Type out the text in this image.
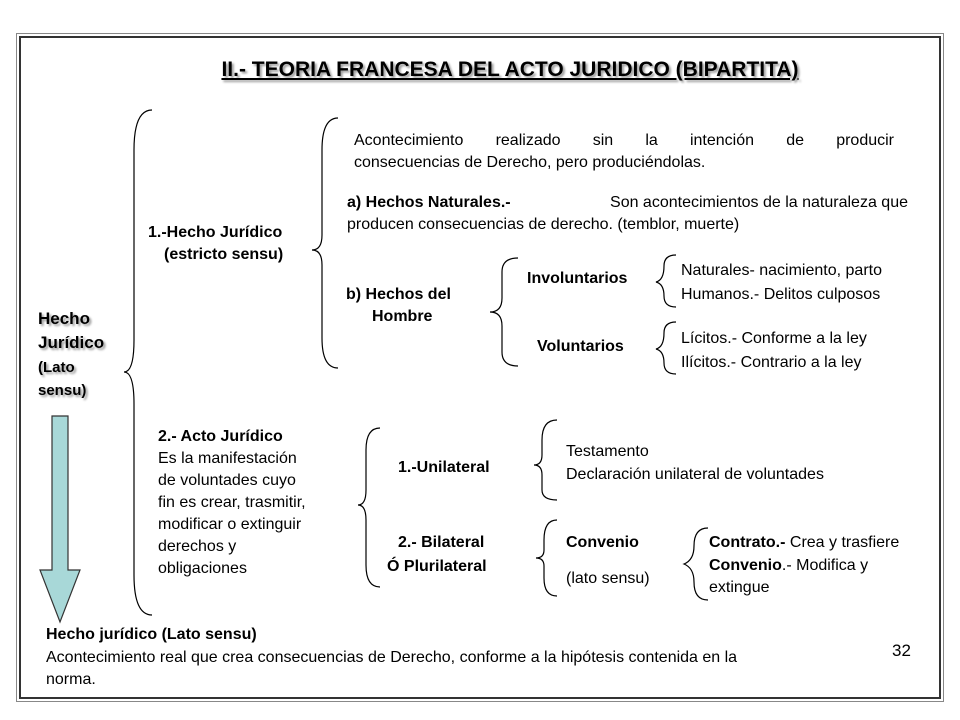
II.- TEORIA FRANCESA DEL ACTO JURIDICO (BIPARTITA)
Hecho
Jurídico
(Lato
sensu)
1.-Hecho Jurídico
(estricto sensu)
Acontecimiento realizado sin la intención de producir
consecuencias de Derecho, pero produciéndolas.
a) Hechos Naturales.-	Son acontecimientos de la naturaleza que
producen consecuencias de derecho. (temblor, muerte)
b) Hechos del
Hombre
Involuntarios	Naturales- nacimiento, parto
Humanos.- Delitos culposos
Voluntarios	Lícitos.- Conforme a la ley
Ilícitos.- Contrario a la ley
2.- Acto Jurídico
Es la manifestación
de voluntades cuyo
fin es crear, trasmitir,
modificar o extinguir
derechos y
obligaciones
1.-Unilateral
Testamento
Declaración unilateral de voluntades
2.- Bilateral
Ó Plurilateral
Convenio
(lato sensu)
Contrato.- Crea y trasfiere
Convenio.- Modifica y
extingue
Hecho jurídico (Lato sensu)
Acontecimiento real que crea consecuencias de Derecho, conforme a la hipótesis contenida en la
norma.
32
